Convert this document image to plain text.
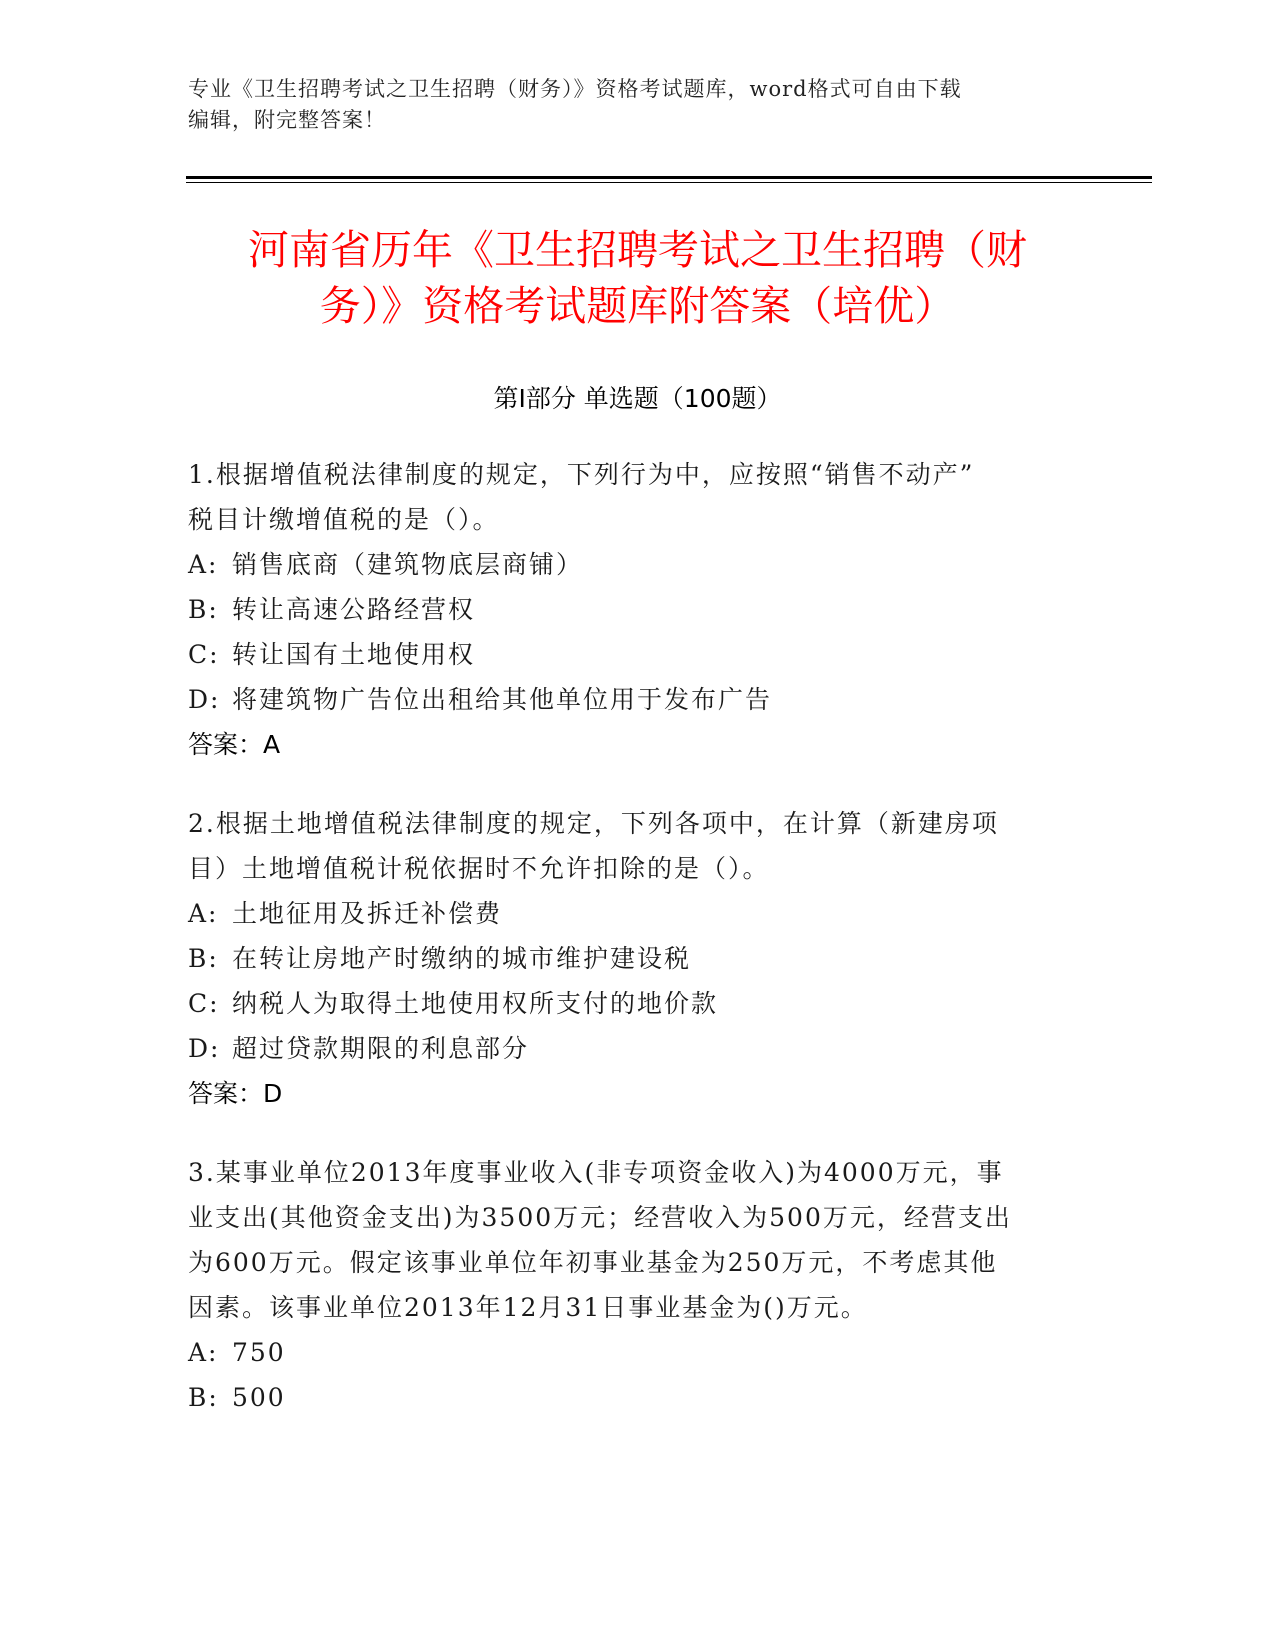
专业《卫生招聘考试之卫生招聘（财务）》资格考试题库，word格式可自由下载
编辑，附完整答案！
河南省历年《卫生招聘考试之卫生招聘（财
务）》资格考试题库附答案（培优）
第Ⅰ部分 单选题（100题）

1.根据增值税法律制度的规定，下列行为中，应按照“销售不动产”

税目计缴增值税的是（）。

A: 销售底商（建筑物底层商铺）

B: 转让高速公路经营权

C: 转让国有土地使用权

D: 将建筑物广告位出租给其他单位用于发布广告

答案：A

2.根据土地增值税法律制度的规定，下列各项中，在计算（新建房项

目）土地增值税计税依据时不允许扣除的是（）。

A: 土地征用及拆迁补偿费

B: 在转让房地产时缴纳的城市维护建设税

C: 纳税人为取得土地使用权所支付的地价款

D: 超过贷款期限的利息部分

答案：D

3.某事业单位2013年度事业收入(非专项资金收入)为4000万元，事

业支出(其他资金支出)为3500万元；经营收入为500万元，经营支出

为600万元。假定该事业单位年初事业基金为250万元，不考虑其他

因素。该事业单位2013年12月31日事业基金为()万元。

A: 750

B: 500
